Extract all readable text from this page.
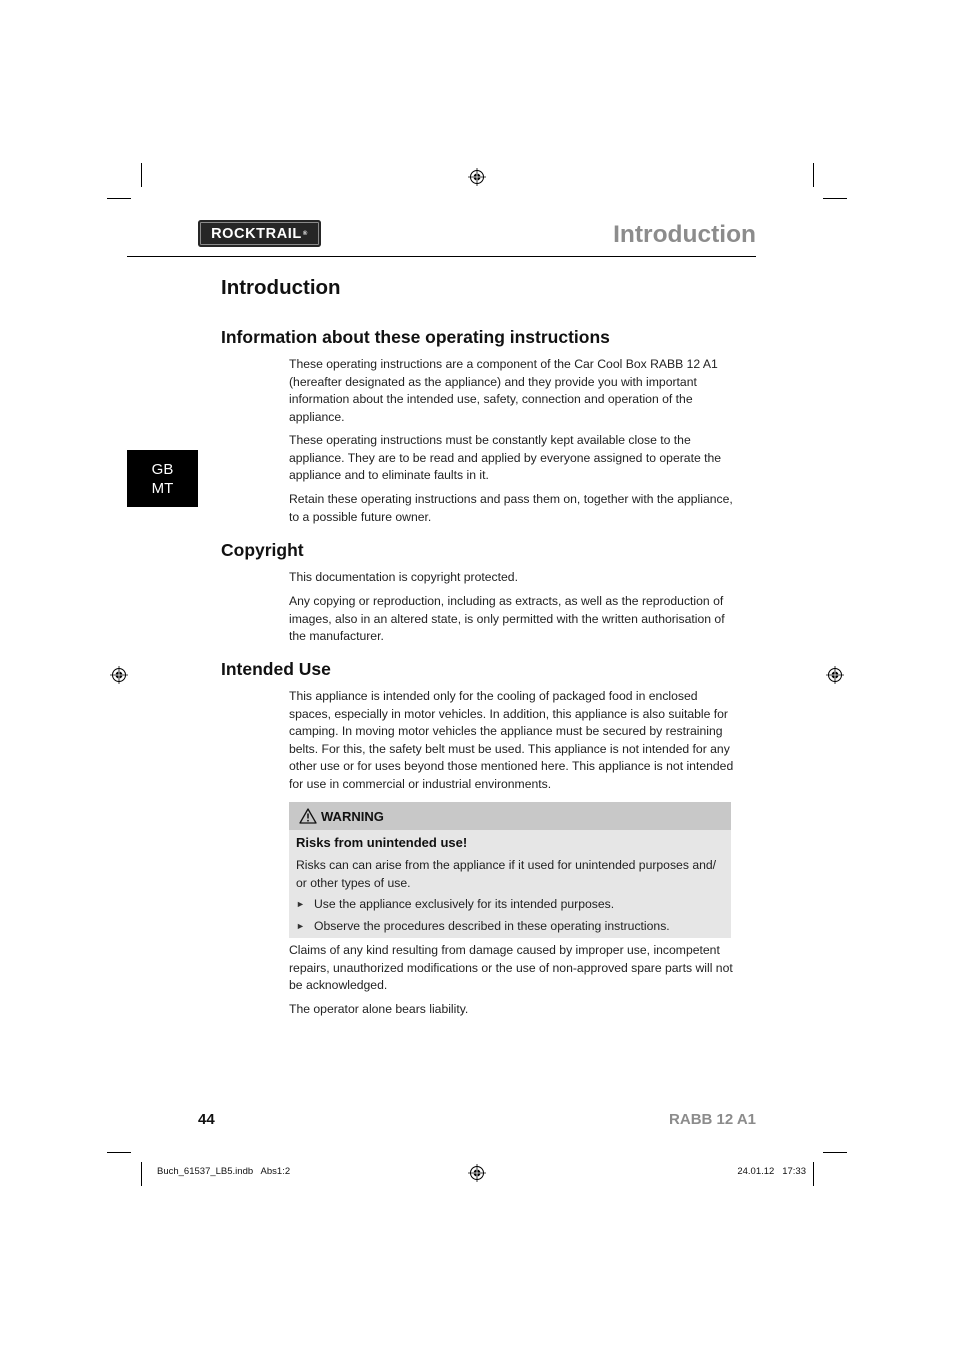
ROCKTRAIL ®	Introduction
GB
MT
Introduction
Information about these operating instructions
These operating instructions are a component of the Car Cool Box RABB 12 A1 (hereafter designated as the appliance) and they provide you with important information about the intended use, safety, connection and operation of the appliance.
These operating instructions must be constantly kept available close to the appliance. They are to be read and applied by everyone assigned to operate the appliance and to eliminate faults in it.
Retain these operating instructions and pass them on, together with the appliance, to a possible future owner.
Copyright
This documentation is copyright protected.
Any copying or reproduction, including as extracts, as well as the reproduction of images, also in an altered state, is only permitted with the written authorisation of the manufacturer.
Intended Use
This appliance is intended only for the cooling of packaged food in enclosed spaces, especially in motor vehicles. In addition, this appliance is also suitable for camping. In moving motor vehicles the appliance must be secured by restraining belts. For this, the safety belt must be used. This appliance is not intended for any other use or for uses beyond those mentioned here. This appliance is not intended for use in commercial or industrial environments.
WARNING
Risks from unintended use!
Risks can can arise from the appliance if it used for unintended purposes and/ or other types of use.
► Use the appliance exclusively for its intended purposes.
► Observe the procedures described in these operating instructions.
Claims of any kind resulting from damage caused by improper use, incompetent repairs, unauthorized modifications or the use of non-approved spare parts will not be acknowledged.
The operator alone bears liability.
44	RABB 12 A1
Buch_61537_LB5.indb   Abs1:2	24.01.12   17:33
